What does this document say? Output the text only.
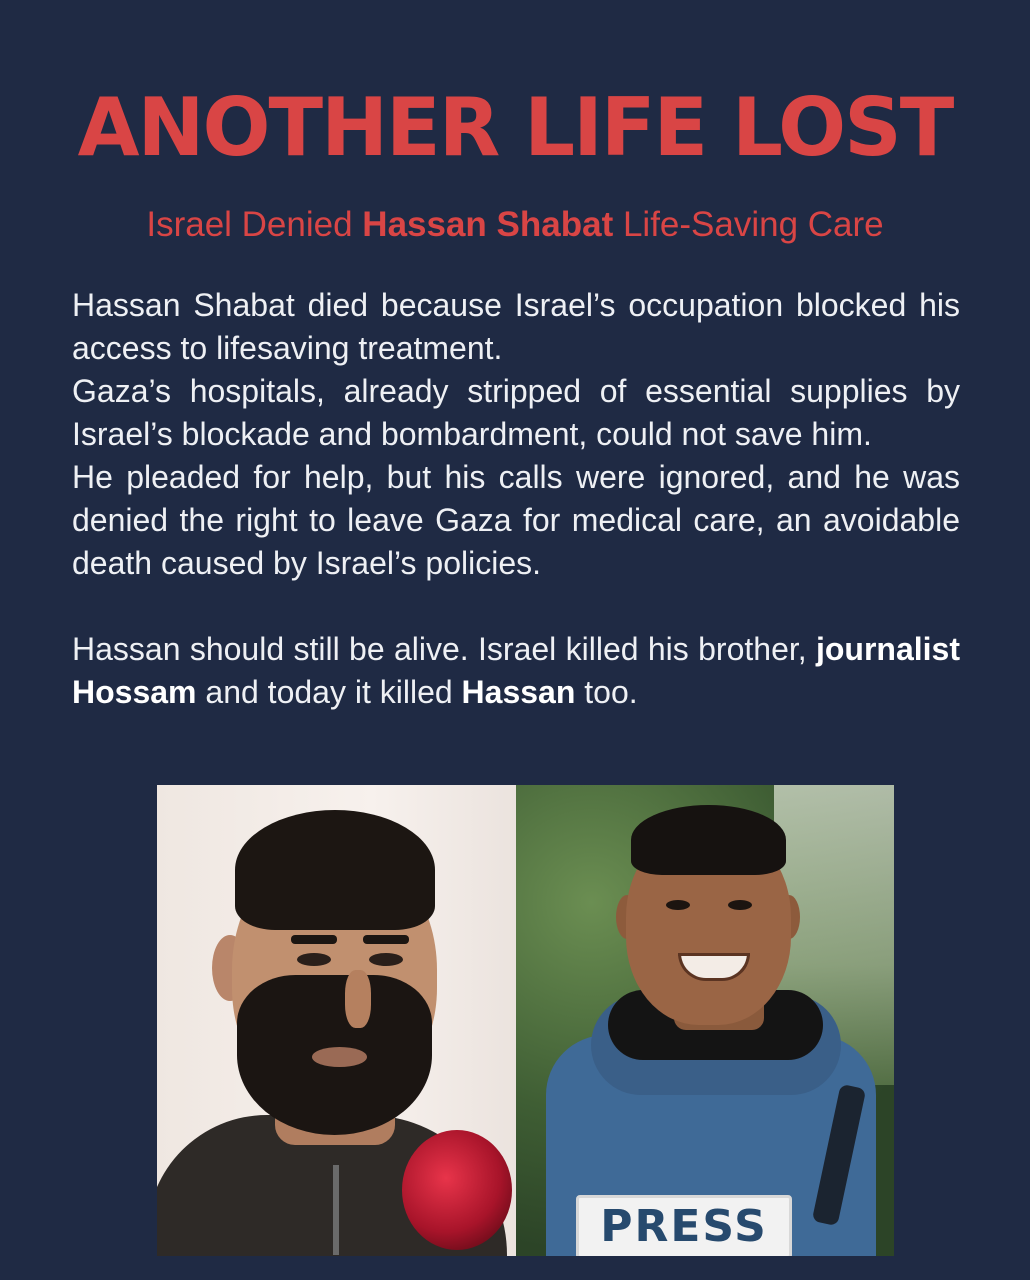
ANOTHER LIFE LOST
Israel Denied Hassan Shabat Life-Saving Care

Hassan Shabat died because Israel’s occupation blocked his access to lifesaving treatment.

Gaza’s hospitals, already stripped of essential supplies by Israel’s blockade and bombardment, could not save him.

He pleaded for help, but his calls were ignored, and he was denied the right to leave Gaza for medical care, an avoidable death caused by Israel’s policies.

Hassan should still be alive. Israel killed his brother, journalist Hossam and today it killed Hassan too.

PRESS
